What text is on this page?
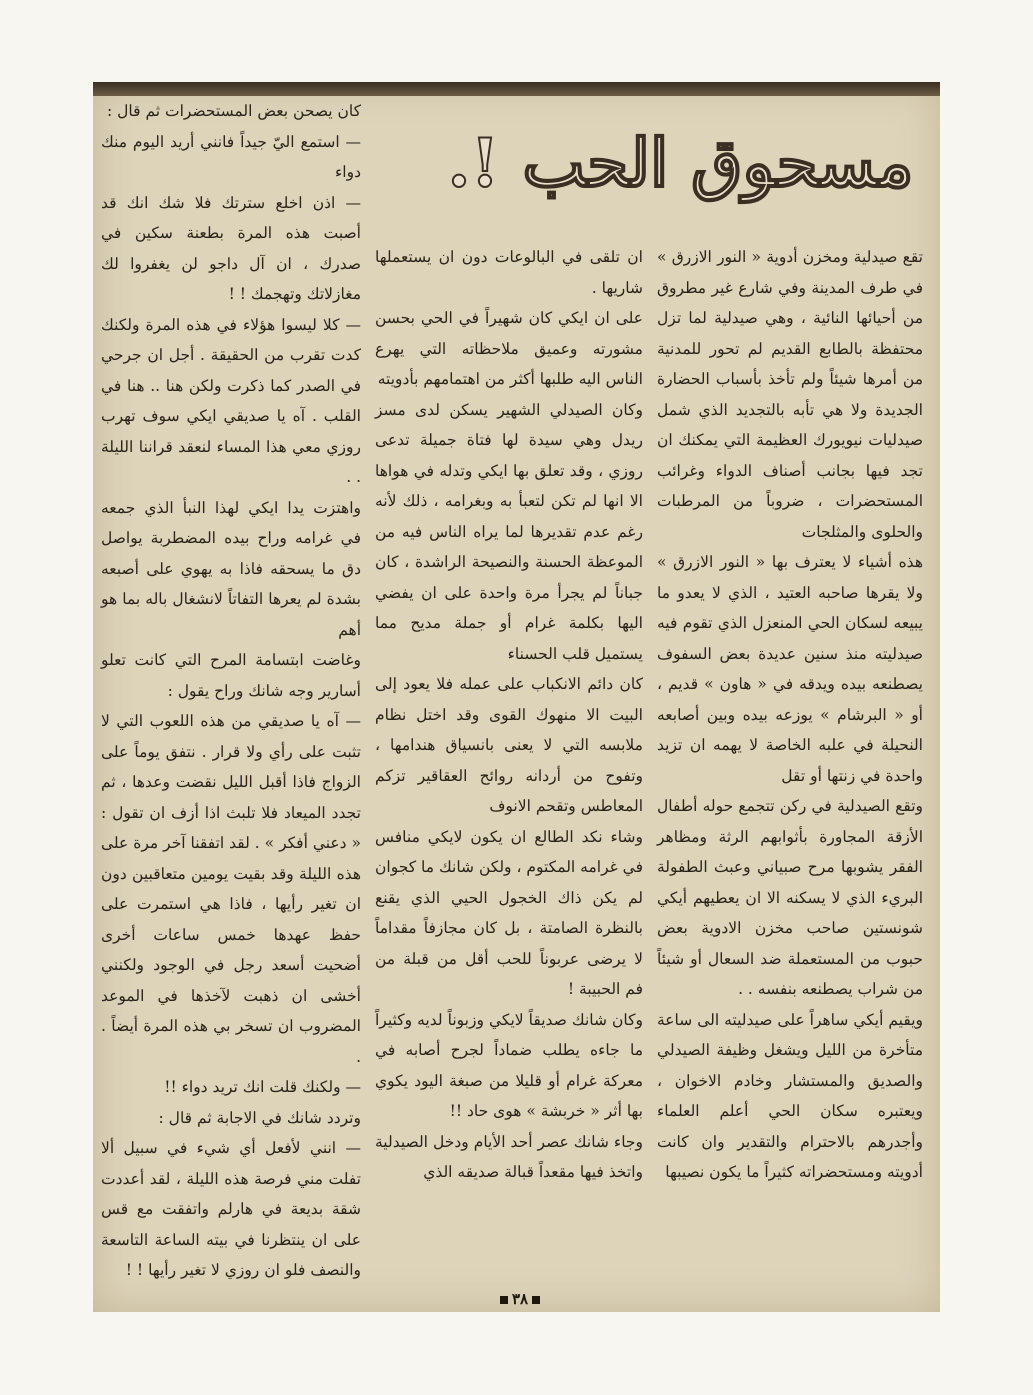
مسحوق الحب !.

كان يصحن بعض المستحضرات ثم قال :

— استمع اليّ جيداً فانني أريد اليوم منك دواء

— اذن اخلع سترتك فلا شك انك قد أصبت هذه المرة بطعنة سكين في صدرك ، ان آل داجو لن يغفروا لك مغازلاتك وتهجمك ! !

— كلا ليسوا هؤلاء في هذه المرة ولكنك كدت تقرب من الحقيقة . أجل ان جرحي في الصدر كما ذكرت ولكن هنا .. هنا في القلب . آه يا صديقي ايكي سوف تهرب روزي معي هذا المساء لنعقد قراننا الليلة . .

واهتزت يدا ايكي لهذا النبأ الذي جمعه في غرامه وراح بيده المضطربة يواصل دق ما يسحقه فاذا به يهوي على أصبعه بشدة لم يعرها التفاتاً لانشغال باله بما هو أهم

وغاضت ابتسامة المرح التي كانت تعلو أسارير وجه شانك وراح يقول :

— آه يا صديقي من هذه اللعوب التي لا تثبت على رأي ولا قرار . نتفق يوماً على الزواج فاذا أقبل الليل نقضت وعدها ، ثم تجدد الميعاد فلا تلبث اذا أزف ان تقول : « دعني أفكر » . لقد اتفقنا آخر مرة على هذه الليلة وقد بقيت يومين متعاقبين دون ان تغير رأيها ، فاذا هي استمرت على حفظ عهدها خمس ساعات أخرى أضحيت أسعد رجل في الوجود ولكنني أخشى ان ذهبت لآخذها في الموعد المضروب ان تسخر بي هذه المرة أيضاً . .

— ولكنك قلت انك تريد دواء !!

وتردد شانك في الاجابة ثم قال :

— انني لأفعل أي شيء في سبيل ألا تفلت مني فرصة هذه الليلة ، لقد أعددت شقة بديعة في هارلم واتفقت مع قس على ان ينتظرنا في بيته الساعة التاسعة والنصف فلو ان روزي لا تغير رأيها ! !

ان تلقى في البالوعات دون ان يستعملها شاريها .

على ان ايكي كان شهيراً في الحي بحسن مشورته وعميق ملاحظاته التي يهرع الناس اليه طلبها أكثر من اهتمامهم بأدويته

وكان الصيدلي الشهير يسكن لدى مسز ريدل وهي سيدة لها فتاة جميلة تدعى روزي ، وقد تعلق بها ايكي وتدله في هواها الا انها لم تكن لتعبأ به وبغرامه ، ذلك لأنه رغم عدم تقديرها لما يراه الناس فيه من الموعظة الحسنة والنصيحة الراشدة ، كان جباناً لم يجرأ مرة واحدة على ان يفضي اليها بكلمة غرام أو جملة مديح مما يستميل قلب الحسناء

كان دائم الانكباب على عمله فلا يعود إلى البيت الا منهوك القوى وقد اختل نظام ملابسه التي لا يعنى بانسياق هندامها ، وتفوح من أردانه روائح العقاقير تزكم المعاطس وتقحم الانوف

وشاء نكد الطالع ان يكون لايكي منافس في غرامه المكتوم ، ولكن شانك ما كجوان لم يكن ذاك الخجول الحيي الذي يقنع بالنظرة الصامتة ، بل كان مجازفاً مقداماً لا يرضى عربوناً للحب أقل من قبلة من فم الحبيبة !

وكان شانك صديقاً لايكي وزبوناً لديه وكثيراً ما جاءه يطلب ضماداً لجرح أصابه في معركة غرام أو قليلا من صبغة اليود يكوي بها أثر « خربشة » هوى حاد !!

وجاء شانك عصر أحد الأيام ودخل الصيدلية واتخذ فيها مقعداً قبالة صديقه الذي

تقع صيدلية ومخزن أدوية « النور الازرق » في طرف المدينة وفي شارع غير مطروق من أحيائها النائية ، وهي صيدلية لما تزل محتفظة بالطابع القديم لم تحور للمدنية من أمرها شيئاً ولم تأخذ بأسباب الحضارة الجديدة ولا هي تأبه بالتجديد الذي شمل صيدليات نيويورك العظيمة التي يمكنك ان تجد فيها بجانب أصناف الدواء وغرائب المستحضرات ، ضروباً من المرطبات والحلوى والمثلجات

هذه أشياء لا يعترف بها « النور الازرق » ولا يقرها صاحبه العتيد ، الذي لا يعدو ما يبيعه لسكان الحي المنعزل الذي تقوم فيه صيدليته منذ سنين عديدة بعض السفوف يصطنعه بيده ويدقه في « هاون » قديم ، أو « البرشام » يوزعه بيده وبين أصابعه النحيلة في علبه الخاصة لا يهمه ان تزيد واحدة في زنتها أو تقل

وتقع الصيدلية في ركن تتجمع حوله أطفال الأزقة المجاورة بأثوابهم الرثة ومظاهر الفقر يشوبها مرح صبياني وعبث الطفولة البريء الذي لا يسكنه الا ان يعطيهم أيكي شونستين صاحب مخزن الادوية بعض حبوب من المستعملة ضد السعال أو شيئاً من شراب يصطنعه بنفسه . .

ويقيم أيكي ساهراً على صيدليته الى ساعة متأخرة من الليل ويشغل وظيفة الصيدلي والصديق والمستشار وخادم الاخوان ، ويعتبره سكان الحي أعلم العلماء وأجدرهم بالاحترام والتقدير وان كانت أدويته ومستحضراته كثيراً ما يكون نصيبها

٣٨
